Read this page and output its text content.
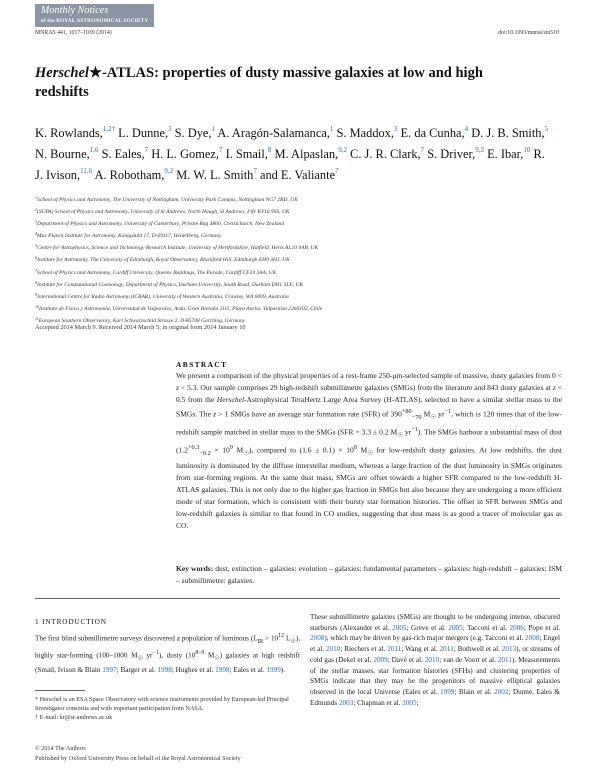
Monthly Notices
of the ROYAL ASTRONOMICAL SOCIETY
MNRAS 441, 1017–1039 (2014)	doi:10.1093/mnras/stu510
Herschel★-ATLAS: properties of dusty massive galaxies at low and high redshifts
K. Rowlands,$^{1,2\dagger}$ L. Dunne,$^3$ S. Dye,$^1$ A. Aragón-Salamanca,$^1$ S. Maddox,$^3$ E. da Cunha,$^4$ D. J. B. Smith,$^5$ N. Bourne,$^{1,6}$ S. Eales,$^7$ H. L. Gomez,$^7$ I. Smail,$^8$ M. Alpaslan,$^{9,2}$ C. J. R. Clark,$^7$ S. Driver,$^{9,2}$ E. Ibar,$^{10}$ R. J. Ivison,$^{11,6}$ A. Robotham,$^{9,2}$ M. W. L. Smith$^7$ and E. Valiante$^7$
$^1$School of Physics and Astronomy, The University of Nottingham, University Park Campus, Nottingham NG7 2RD, UK
$^2$(SUPA) School of Physics and Astronomy, University of St Andrews, North Haugh, St Andrews, Fife KY16 9SS, UK
$^3$Department of Physics and Astronomy, University of Canterbury, Private Bag 4800, Christchurch, New Zealand
$^4$Max Planck Institute for Astronomy, Konigstuhl 17, D-69117, Heidelberg, Germany
$^5$Centre for Astrophysics, Science and Technology Research Institute, University of Hertfordshire, Hatfield, Herts AL10 9AB, UK
$^6$Institute for Astronomy, The University of Edinburgh, Royal Observatory, Blackford Hill, Edinburgh EH9 3HJ, UK
$^7$School of Physics and Astronomy, Cardiff University, Queens Buildings, The Parade, Cardiff CF24 3AA, UK
$^8$Institute for Computational Cosmology, Department of Physics, Durham University, South Road, Durham DH1 3LE, UK
$^9$International Centre for Radio Astronomy (ICRAR), University of Western Australia, Crawley, WA 6009, Australia
$^{10}$Instituto de Física y Astronomía, Universidad de Valparaíso, Avda. Gran Bretaña 1111, Playa Ancha, Valparaíso 2360102, Chile
$^{11}$European Southern Observatory, Karl Schwarzschild Strasse 2, D-85748 Garching, Germany
Accepted 2014 March 9. Received 2014 March 5; in original form 2014 January 10
ABSTRACT
We present a comparison of the physical properties of a rest-frame 250-μm-selected sample of massive, dusty galaxies from 0 < z < 5.3. Our sample comprises 29 high-redshift submillimetre galaxies (SMGs) from the literature and 843 dusty galaxies at z < 0.5 from the Herschel-Astrophysical TeraHertz Large Area Survey (H-ATLAS), selected to have a similar stellar mass to the SMGs. The z > 1 SMGs have an average star formation rate (SFR) of $390^{+80}_{-70}$ $M_☉$ $yr^{-1}$, which is 120 times that of the low-redshift sample matched in stellar mass to the SMGs (SFR = 3.3 ± 0.2 $M_☉$ $yr^{-1}$). The SMGs harbour a substantial mass of dust ($1.2^{+0.3}_{-0.2} \times 10^9$ $M_☉$), compared to $(1.6 \pm 0.1) \times 10^8$ $M_☉$ for low-redshift dusty galaxies. At low redshifts, the dust luminosity is dominated by the diffuse interstellar medium, whereas a large fraction of the dust luminosity in SMGs originates from star-forming regions. At the same dust mass, SMGs are offset towards a higher SFR compared to the low-redshift H-ATLAS galaxies. This is not only due to the higher gas fraction in SMGs but also because they are undergoing a more efficient mode of star formation, which is consistent with their bursty star formation histories. The offset in SFR between SMGs and low-redshift galaxies is similar to that found in CO studies, suggesting that dust mass is as good a tracer of molecular gas as CO.
Key words: dust, extinction – galaxies: evolution – galaxies: fundamental parameters – galaxies: high-redshift – galaxies: ISM – submillimetre: galaxies.
1 INTRODUCTION
The first blind submillimetre surveys discovered a population of luminous ($L_{IR} > 10^{12}$ $L_☉$), highly star-forming (100–1000 $M_☉$ $yr^{-1}$), dusty (10$^{8-9}$ $M_☉$) galaxies at high redshift (Smail, Ivison & Blain 1997; Barger et al. 1998; Hughes et al. 1998; Eales et al. 1999).
* Herschel is an ESA Space Observatory with science instruments provided by European-led Principal Investigator consortia and with important participation from NASA.
† E-mail: kr@st-andrews.ac.uk
These submillimetre galaxies (SMGs) are thought to be undergoing intense, obscured starbursts (Alexander et al. 2005; Greve et al. 2005; Tacconi et al. 2006; Pope et al. 2008), which may be driven by gas-rich major mergers (e.g. Tacconi et al. 2008; Engel et al. 2010; Riechers et al. 2011; Wang et al. 2011; Bothwell et al. 2013), or streams of cold gas (Dekel et al. 2009; Davé et al. 2010; van de Voort et al. 2011). Measurements of the stellar masses, star formation histories (SFHs) and clustering properties of SMGs indicate that they may be the progenitors of massive elliptical galaxies observed in the local Universe (Eales et al. 1999; Blain et al. 2002; Dunne, Eales & Edmunds 2003; Chapman et al. 2005;
© 2014 The Authors
Published by Oxford University Press on behalf of the Royal Astronomical Society
